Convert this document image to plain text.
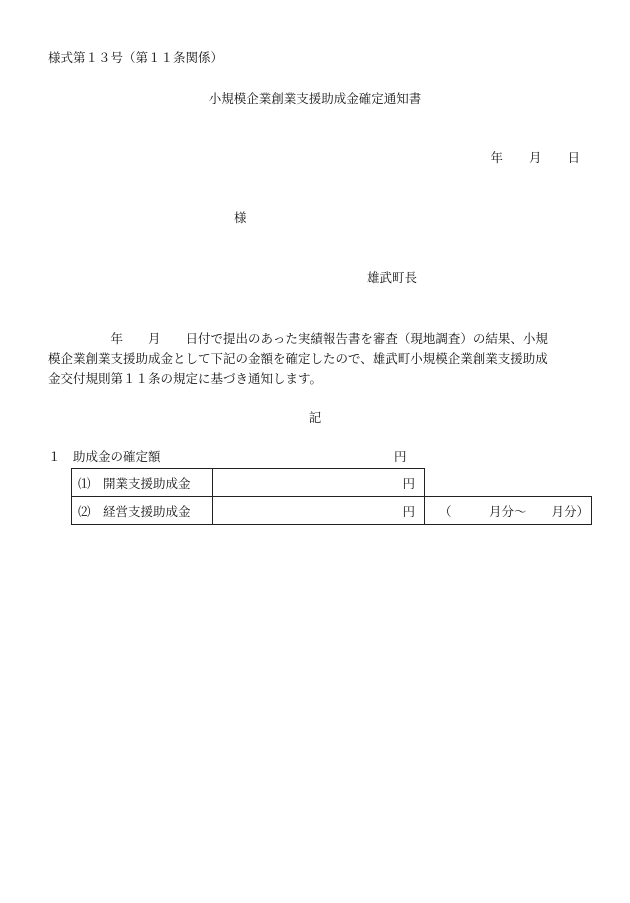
様式第１３号（第１１条関係）
小規模企業創業支援助成金確定通知書
年 月 日
様
雄武町長
　　　　　年　　月　　日付で提出のあった実績報告書を審査（現地調査）の結果、小規
模企業創業支援助成金として下記の金額を確定したので、雄武町小規模企業創業支援助成
金交付規則第１１条の規定に基づき通知します。
記
１ 助成金の確定額	円
⑴　開業支援助成金	円	
⑵　経営支援助成金	円	（ 　　　月分～　　月分）
